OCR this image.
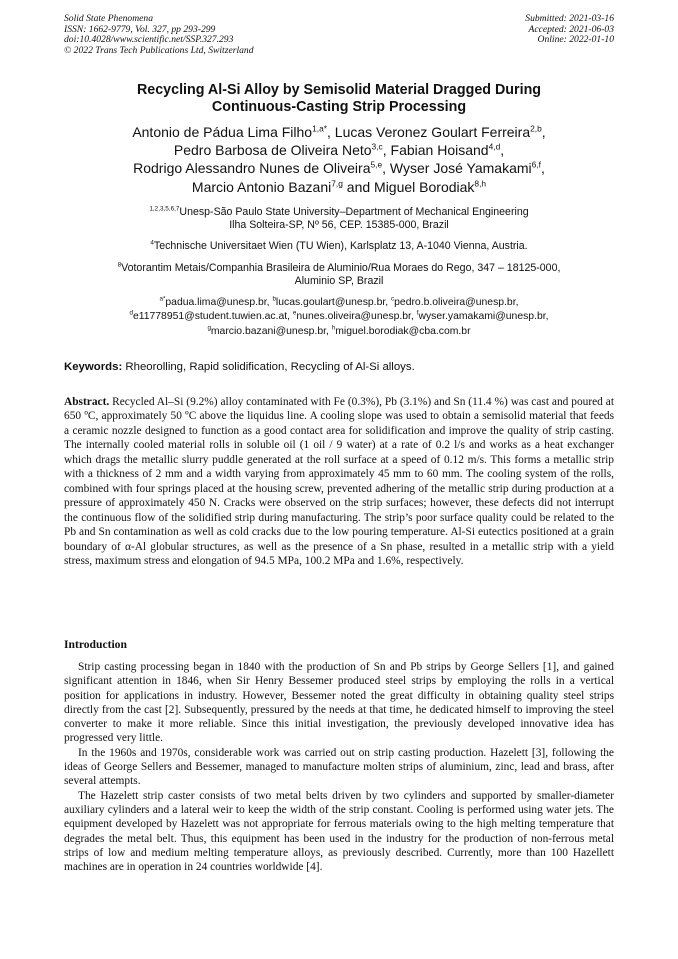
Solid State Phenomena
ISSN: 1662-9779, Vol. 327, pp 293-299
doi:10.4028/www.scientific.net/SSP.327.293
© 2022 Trans Tech Publications Ltd, Switzerland
Submitted: 2021-03-16
Accepted: 2021-06-03
Online: 2022-01-10
Recycling Al-Si Alloy by Semisolid Material Dragged During
Continuous-Casting Strip Processing
Antonio de Pádua Lima Filho$^{1,a*}$, Lucas Veronez Goulart Ferreira$^{2,b}$,
Pedro Barbosa de Oliveira Neto$^{3,c}$, Fabian Hoisand$^{4,d}$,
Rodrigo Alessandro Nunes de Oliveira$^{5,e}$, Wyser José Yamakami$^{6,f}$,
Marcio Antonio Bazani$^{7,g}$ and Miguel Borodiak$^{8,h}$
$^{1,2,3,5,6,7}$Unesp-São Paulo State University–Department of Mechanical Engineering
Ilha Solteira-SP, Nº 56, CEP. 15385-000, Brazil
$^4$Technische Universitaet Wien (TU Wien), Karlsplatz 13, A-1040 Vienna, Austria.
$^8$Votorantim Metais/Companhia Brasileira de Aluminio/Rua Moraes do Rego, 347 – 18125-000,
Aluminio SP, Brazil
$^{a*}$padua.lima@unesp.br, $^b$lucas.goulart@unesp.br, $^c$pedro.b.oliveira@unesp.br,
$^d$e11778951@student.tuwien.ac.at, $^e$nunes.oliveira@unesp.br, $^f$wyser.yamakami@unesp.br,
$^g$marcio.bazani@unesp.br, $^h$miguel.borodiak@cba.com.br
Keywords: Rheorolling, Rapid solidification, Recycling of Al-Si alloys.
Abstract. Recycled Al–Si (9.2%) alloy contaminated with Fe (0.3%), Pb (3.1%) and Sn (11.4 %) was cast and poured at 650 ºC, approximately 50 ºC above the liquidus line. A cooling slope was used to obtain a semisolid material that feeds a ceramic nozzle designed to function as a good contact area for solidification and improve the quality of strip casting. The internally cooled material rolls in soluble oil (1 oil / 9 water) at a rate of 0.2 l/s and works as a heat exchanger which drags the metallic slurry puddle generated at the roll surface at a speed of 0.12 m/s. This forms a metallic strip with a thickness of 2 mm and a width varying from approximately 45 mm to 60 mm. The cooling system of the rolls, combined with four springs placed at the housing screw, prevented adhering of the metallic strip during production at a pressure of approximately 450 N. Cracks were observed on the strip surfaces; however, these defects did not interrupt the continuous flow of the solidified strip during manufacturing. The strip’s poor surface quality could be related to the Pb and Sn contamination as well as cold cracks due to the low pouring temperature. Al-Si eutectics positioned at a grain boundary of α-Al globular structures, as well as the presence of a Sn phase, resulted in a metallic strip with a yield stress, maximum stress and elongation of 94.5 MPa, 100.2 MPa and 1.6%, respectively.
Introduction

Strip casting processing began in 1840 with the production of Sn and Pb strips by George Sellers [1], and gained significant attention in 1846, when Sir Henry Bessemer produced steel strips by employing the rolls in a vertical position for applications in industry. However, Bessemer noted the great difficulty in obtaining quality steel strips directly from the cast [2]. Subsequently, pressured by the needs at that time, he dedicated himself to improving the steel converter to make it more reliable. Since this initial investigation, the previously developed innovative idea has progressed very little.

In the 1960s and 1970s, considerable work was carried out on strip casting production. Hazelett [3], following the ideas of George Sellers and Bessemer, managed to manufacture molten strips of aluminium, zinc, lead and brass, after several attempts.

The Hazelett strip caster consists of two metal belts driven by two cylinders and supported by smaller-diameter auxiliary cylinders and a lateral weir to keep the width of the strip constant. Cooling is performed using water jets. The equipment developed by Hazelett was not appropriate for ferrous materials owing to the high melting temperature that degrades the metal belt. Thus, this equipment has been used in the industry for the production of non-ferrous metal strips of low and medium melting temperature alloys, as previously described. Currently, more than 100 Hazellett machines are in operation in 24 countries worldwide [4].
